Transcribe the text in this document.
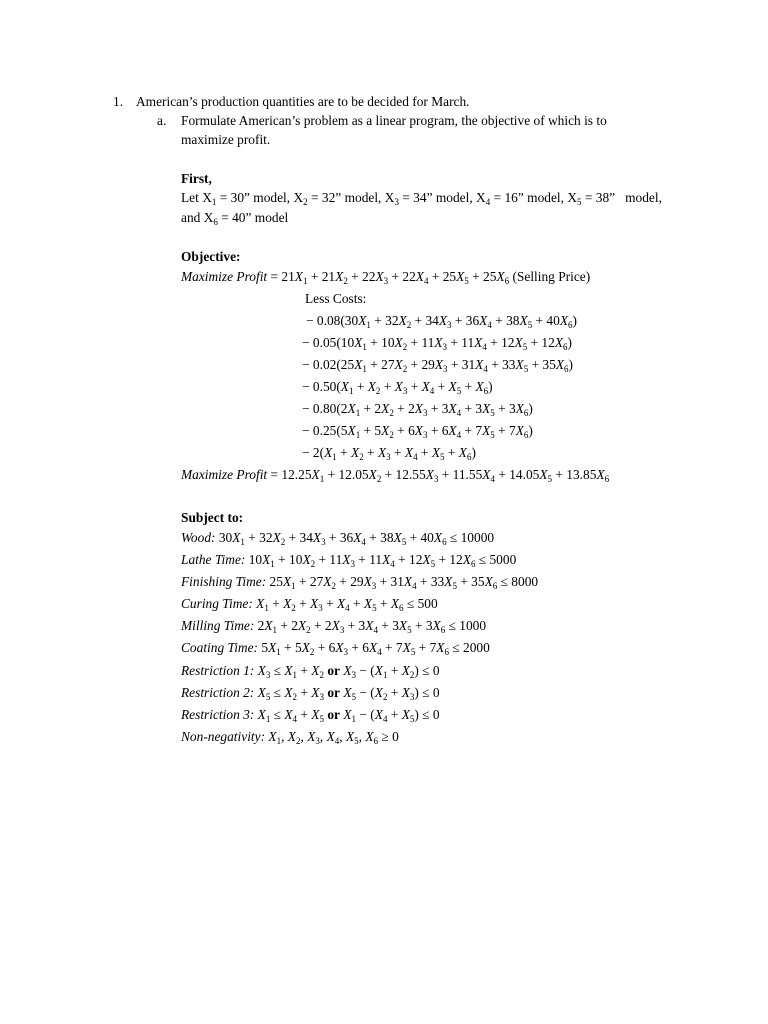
1. American’s production quantities are to be decided for March.
a. Formulate American’s problem as a linear program, the objective of which is to
maximize profit.
First,
Let $X_1 = 30$” model, $X_2 = 32$” model, $X_3 = 34$” model, $X_4 = 16$” model, $X_5 = 38$”   model,
and $X_6 = 40$” model
Objective:
Maximize Profit = $21X_1 + 21X_2 + 22X_3 + 22X_4 + 25X_5 + 25X_6$ (Selling Price)
Less Costs:
− $0.08(30X_1 + 32X_2 + 34X_3 + 36X_4 + 38X_5 + 40X_6)$
− $0.05(10X_1 + 10X_2 + 11X_3 + 11X_4 + 12X_5 + 12X_6)$
− $0.02(25X_1 + 27X_2 + 29X_3 + 31X_4 + 33X_5 + 35X_6)$
− $0.50(X_1 + X_2 + X_3 + X_4 + X_5 + X_6)$
− $0.80(2X_1 + 2X_2 + 2X_3 + 3X_4 + 3X_5 + 3X_6)$
− $0.25(5X_1 + 5X_2 + 6X_3 + 6X_4 + 7X_5 + 7X_6)$
− $2(X_1 + X_2 + X_3 + X_4 + X_5 + X_6)$
Maximize Profit = $12.25X_1 + 12.05X_2 + 12.55X_3 + 11.55X_4 + 14.05X_5 + 13.85X_6$
Subject to:
Wood: $30X_1 + 32X_2 + 34X_3 + 36X_4 + 38X_5 + 40X_6 \le 10000$
Lathe Time: $10X_1 + 10X_2 + 11X_3 + 11X_4 + 12X_5 + 12X_6 \le 5000$
Finishing Time: $25X_1 + 27X_2 + 29X_3 + 31X_4 + 33X_5 + 35X_6 \le 8000$
Curing Time: $X_1 + X_2 + X_3 + X_4 + X_5 + X_6 \le 500$
Milling Time: $2X_1 + 2X_2 + 2X_3 + 3X_4 + 3X_5 + 3X_6 \le 1000$
Coating Time: $5X_1 + 5X_2 + 6X_3 + 6X_4 + 7X_5 + 7X_6 \le 2000$
Restriction 1: $X_3 \le X_1 + X_2$ or $X_3 - (X_1 + X_2) \le 0$
Restriction 2: $X_5 \le X_2 + X_3$ or $X_5 - (X_2 + X_3) \le 0$
Restriction 3: $X_1 \le X_4 + X_5$ or $X_1 - (X_4 + X_5) \le 0$
Non-negativity: $X_1$, $X_2$, $X_3$, $X_4$, $X_5$, $X_6 \ge 0$
